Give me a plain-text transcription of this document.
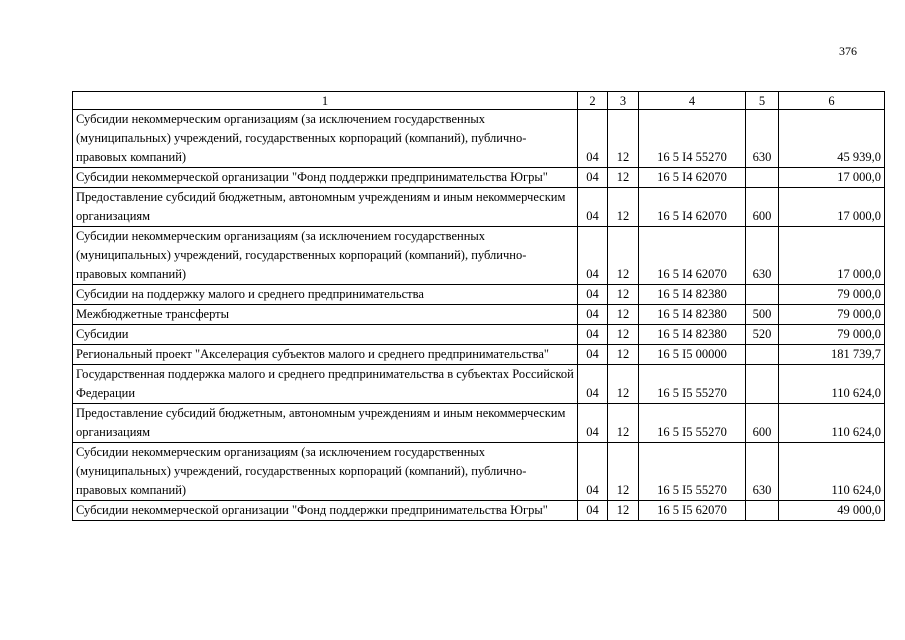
376
1	2	3	4	5	6
Субсидии некоммерческим организациям (за исключением государственных (муниципальных) учреждений, государственных корпораций (компаний), публично-правовых компаний)	04	12	16 5 I4 55270	630	45 939,0
Субсидии некоммерческой организации "Фонд поддержки предпринимательства Югры"	04	12	16 5 I4 62070		17 000,0
Предоставление субсидий бюджетным, автономным учреждениям и иным некоммерческим организациям	04	12	16 5 I4 62070	600	17 000,0
Субсидии некоммерческим организациям (за исключением государственных (муниципальных) учреждений, государственных корпораций (компаний), публично-правовых компаний)	04	12	16 5 I4 62070	630	17 000,0
Субсидии на поддержку малого и среднего предпринимательства	04	12	16 5 I4 82380		79 000,0
Межбюджетные трансферты	04	12	16 5 I4 82380	500	79 000,0
Субсидии	04	12	16 5 I4 82380	520	79 000,0
Региональный проект "Акселерация субъектов малого и среднего предпринимательства"	04	12	16 5 I5 00000		181 739,7
Государственная поддержка малого и среднего предпринимательства в субъектах Российской Федерации	04	12	16 5 I5 55270		110 624,0
Предоставление субсидий бюджетным, автономным учреждениям и иным некоммерческим организациям	04	12	16 5 I5 55270	600	110 624,0
Субсидии некоммерческим организациям (за исключением государственных (муниципальных) учреждений, государственных корпораций (компаний), публично-правовых компаний)	04	12	16 5 I5 55270	630	110 624,0
Субсидии некоммерческой организации "Фонд поддержки предпринимательства Югры"	04	12	16 5 I5 62070		49 000,0
